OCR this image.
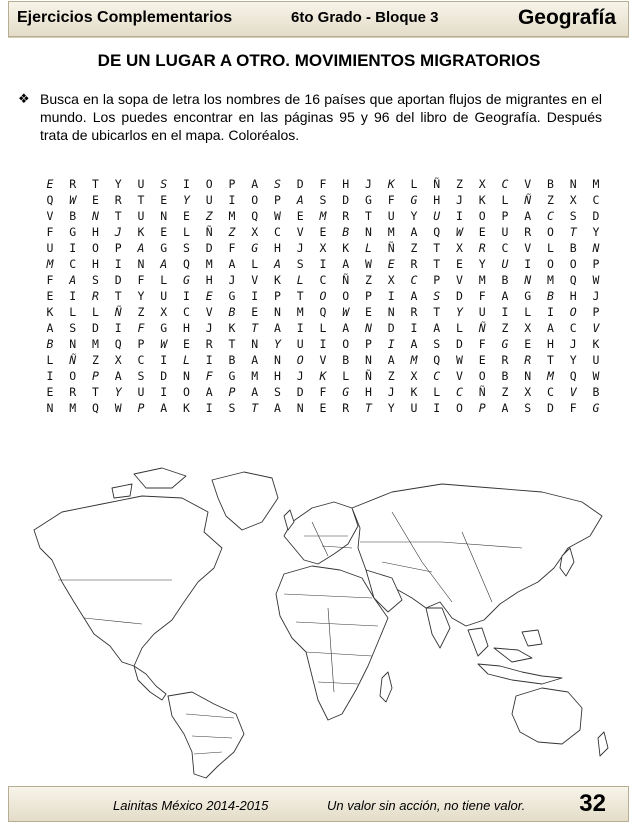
Ejercicios Complementarios	6to Grado - Bloque 3	Geografía
DE UN LUGAR A OTRO. MOVIMIENTOS MIGRATORIOS
❖ Busca en la sopa de letra los nombres de 16 países que aportan flujos de migrantes en el mundo. Los puedes encontrar en las páginas 95 y 96 del libro de Geografía. Después trata de ubicarlos en el mapa. Coloréalos.
E	R	T	Y	U	S	I	O	P	A	S	D	F	H	J	K	L	Ñ	Z	X	C	V	B	N	M
Q	W	E	R	T	E	Y	U	I	O	P	A	S	D	G	F	G	H	J	K	L	Ñ	Z	X	C
V	B	N	T	U	N	E	Z	M	Q	W	E	M	R	T	U	Y	U	I	O	P	A	C	S	D
F	G	H	J	K	E	L	Ñ	Z	X	C	V	E	B	N	M	A	Q	W	E	U	R	O	T	Y
U	I	O	P	A	G	S	D	F	G	H	J	X	K	L	Ñ	Z	T	X	R	C	V	L	B	N
M	C	H	I	N	A	Q	M	A	L	A	S	I	A	W	E	R	T	E	Y	U	I	O	O	P
F	A	S	D	F	L	G	H	J	V	K	L	C	Ñ	Z	X	C	P	V	M	B	N	M	Q	W
E	I	R	T	Y	U	I	E	G	I	P	T	O	O	P	I	A	S	D	F	A	G	B	H	J
K	L	L	Ñ	Z	X	C	V	B	E	N	M	Q	W	E	N	R	T	Y	U	I	L	I	O	P
A	S	D	I	F	G	H	J	K	T	A	I	L	A	N	D	I	A	L	Ñ	Z	X	A	C	V
B	N	M	Q	P	W	E	R	T	N	Y	U	I	O	P	I	A	S	D	F	G	E	H	J	K
L	Ñ	Z	X	C	I	L	I	B	A	N	O	V	B	N	A	M	Q	W	E	R	R	T	Y	U
I	O	P	A	S	D	N	F	G	M	H	J	K	L	Ñ	Z	X	C	V	O	B	N	M	Q	W
E	R	T	Y	U	I	O	A	P	A	S	D	F	G	H	J	K	L	C	Ñ	Z	X	C	V	B
N	M	Q	W	P	A	K	I	S	T	A	N	E	R	T	Y	U	I	O	P	A	S	D	F	G
Lainitas México 2014-2015	Un valor sin acción, no tiene valor. 32
